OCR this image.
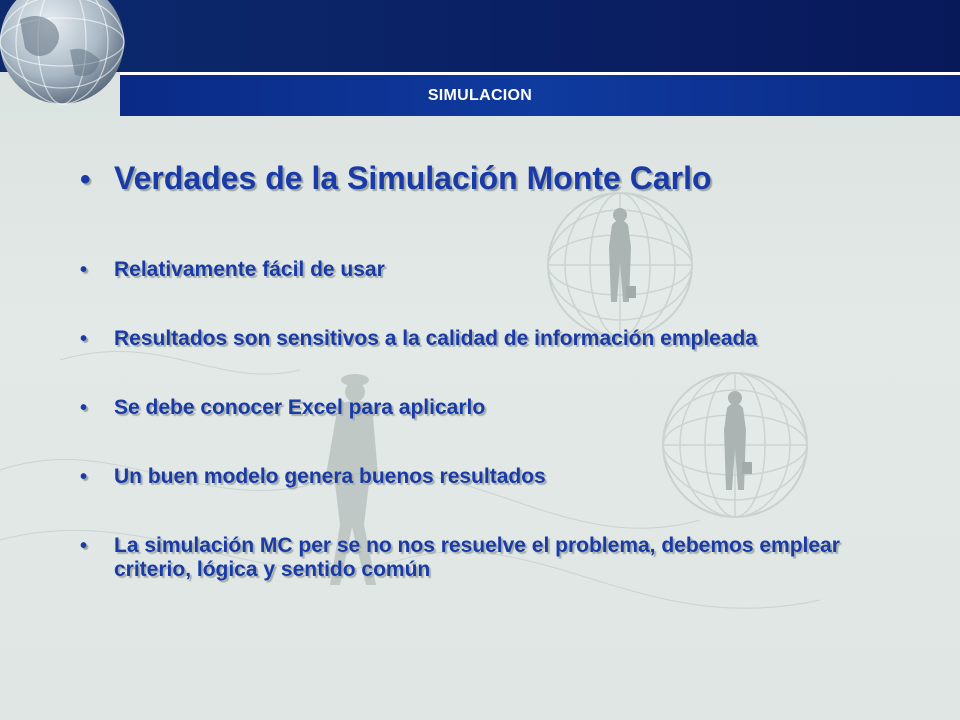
SIMULACION
• Verdades de la Simulación Monte Carlo
•	Relativamente fácil de usar
•	Resultados son sensitivos a la calidad de información empleada
•	Se debe conocer Excel para aplicarlo
•	Un buen modelo genera buenos resultados
•	La simulación MC per se no nos resuelve el problema, debemos emplear criterio, lógica y sentido común
